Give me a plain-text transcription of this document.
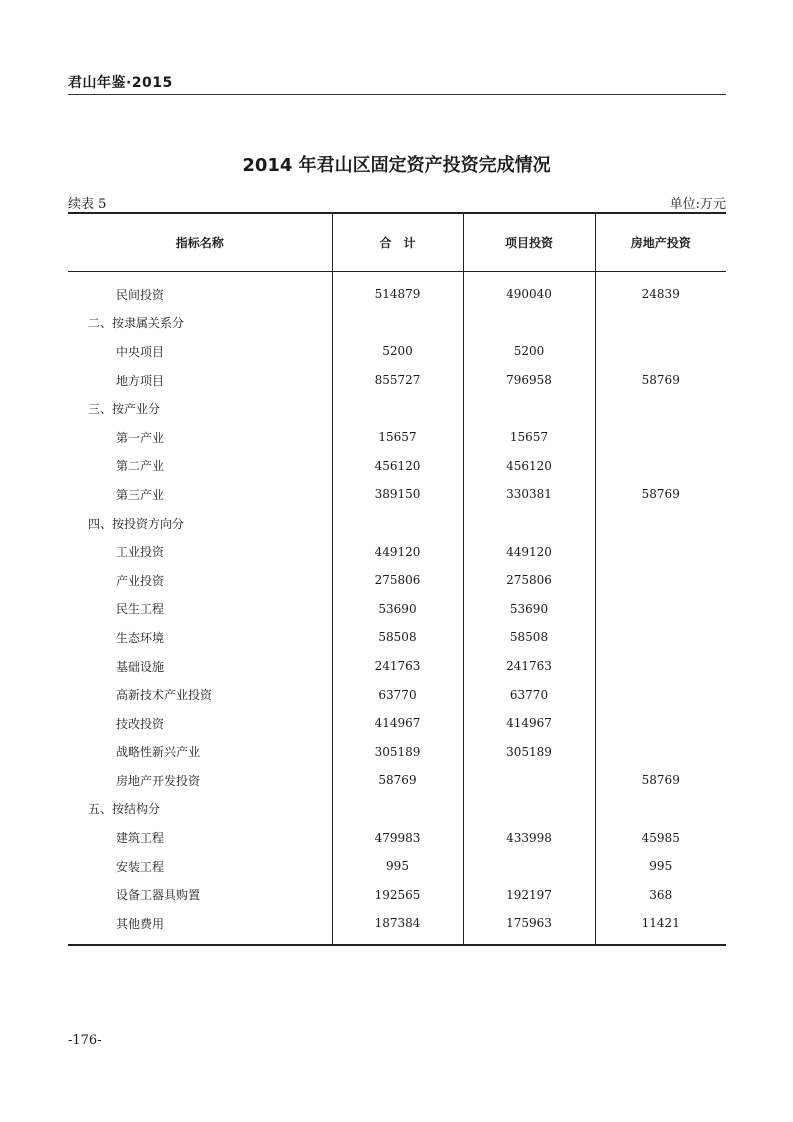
君山年鉴·2015
2014 年君山区固定资产投资完成情况
续表 5	单位:万元
指标名称	合　计	项目投资	房地产投资
民间投资	514879	490040	24839
二、按隶属关系分			
中央项目	5200	5200	
地方项目	855727	796958	58769
三、按产业分			
第一产业	15657	15657	
第二产业	456120	456120	
第三产业	389150	330381	58769
四、按投资方向分			
工业投资	449120	449120	
产业投资	275806	275806	
民生工程	53690	53690	
生态环境	58508	58508	
基础设施	241763	241763	
高新技术产业投资	63770	63770	
技改投资	414967	414967	
战略性新兴产业	305189	305189	
房地产开发投资	58769		58769
五、按结构分			
建筑工程	479983	433998	45985
安装工程	995		995
设备工器具购置	192565	192197	368
其他费用	187384	175963	11421
-176-
